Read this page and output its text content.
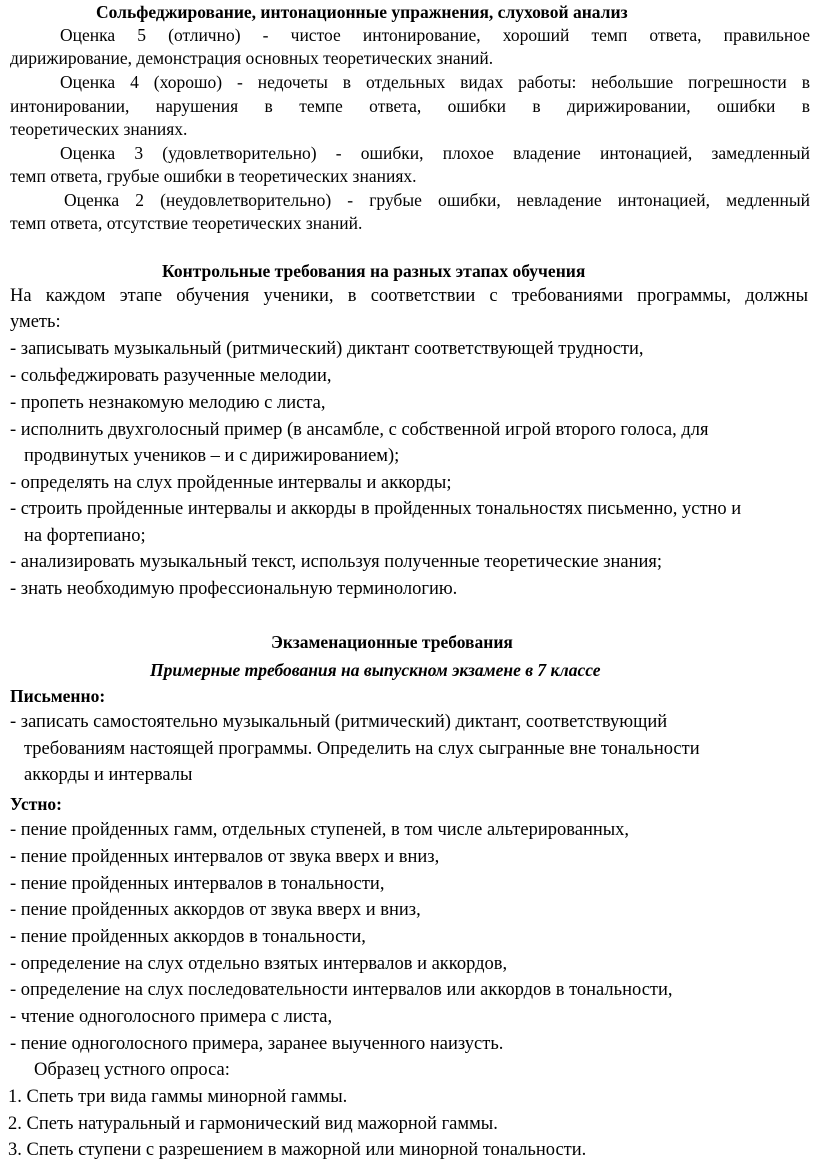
Сольфеджирование, интонационные упражнения, слуховой анализ
Оценка 5 (отлично) - чистое интонирование, хороший темп ответа, правильное
дирижирование, демонстрация основных теоретических знаний.
Оценка 4 (хорошо) - недочеты в отдельных видах работы: небольшие погрешности в
интонировании, нарушения в темпе ответа, ошибки в дирижировании, ошибки в
теоретических знаниях.
Оценка 3 (удовлетворительно) - ошибки, плохое владение интонацией, замедленный
темп ответа, грубые ошибки в теоретических знаниях.
Оценка 2 (неудовлетворительно) - грубые ошибки, невладение интонацией, медленный
темп ответа, отсутствие теоретических знаний.
Контрольные требования на разных этапах обучения
На каждом этапе обучения ученики, в соответствии с требованиями программы, должны
уметь:
- записывать музыкальный (ритмический) диктант соответствующей трудности,
- сольфеджировать разученные мелодии,
- пропеть незнакомую мелодию с листа,
- исполнить двухголосный пример (в ансамбле, с собственной игрой второго голоса, для
продвинутых учеников – и с дирижированием);
- определять на слух пройденные интервалы и аккорды;
- строить пройденные интервалы и аккорды в пройденных тональностях письменно, устно и
на фортепиано;
- анализировать музыкальный текст, используя полученные теоретические знания;
- знать необходимую профессиональную терминологию.
Экзаменационные требования
Примерные требования на выпускном экзамене в 7 классе
Письменно:
- записать самостоятельно музыкальный (ритмический) диктант, соответствующий
требованиям настоящей программы. Определить на слух сыгранные вне тональности
аккорды и интервалы
Устно:
- пение пройденных гамм, отдельных ступеней, в том числе альтерированных,
- пение пройденных интервалов от звука вверх и вниз,
- пение пройденных интервалов в тональности,
- пение пройденных аккордов от звука вверх и вниз,
- пение пройденных аккордов в тональности,
- определение на слух отдельно взятых интервалов и аккордов,
- определение на слух последовательности интервалов или аккордов в тональности,
- чтение одноголосного примера с листа,
- пение одноголосного примера, заранее выученного наизусть.
Образец устного опроса:
1. Спеть три вида гаммы минорной гаммы.
2. Спеть натуральный и гармонический вид мажорной гаммы.
3. Спеть ступени с разрешением в мажорной или минорной тональности.
